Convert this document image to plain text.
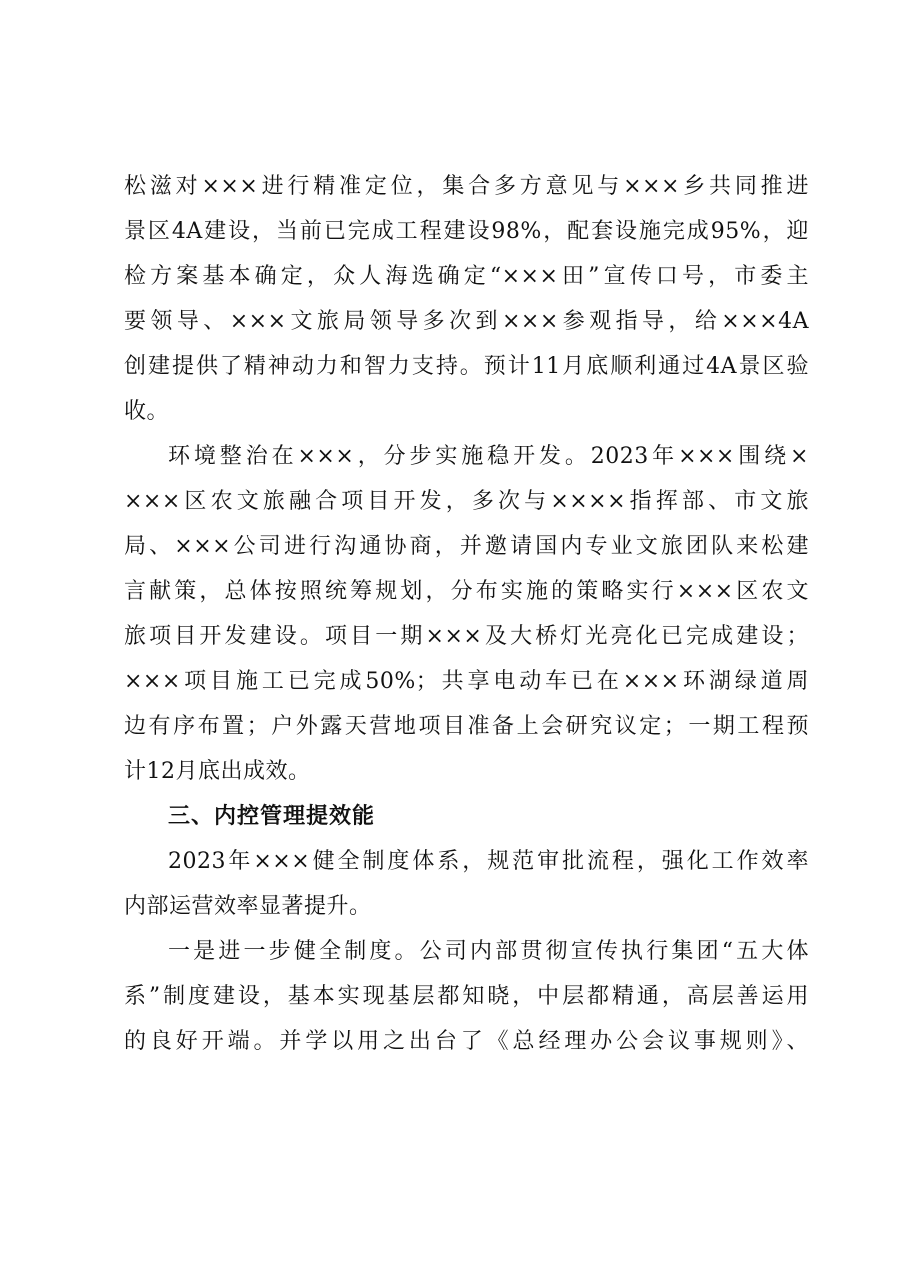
松滋对×××进行精准定位，集合多方意见与×××乡共同推进
景区4A建设，当前已完成工程建设98%，配套设施完成95%，迎
检方案基本确定，众人海选确定“×××田”宣传口号，市委主
要领导、×××文旅局领导多次到×××参观指导，给×××4A
创建提供了精神动力和智力支持。预计11月底顺利通过4A景区验
收。
环境整治在×××，分步实施稳开发。2023年×××围绕×
×××区农文旅融合项目开发，多次与××××指挥部、市文旅
局、×××公司进行沟通协商，并邀请国内专业文旅团队来松建
言献策，总体按照统筹规划，分布实施的策略实行×××区农文
旅项目开发建设。项目一期×××及大桥灯光亮化已完成建设；
×××项目施工已完成50%；共享电动车已在×××环湖绿道周
边有序布置；户外露天营地项目准备上会研究议定；一期工程预
计12月底出成效。
三、内控管理提效能
2023年×××健全制度体系，规范审批流程，强化工作效率
内部运营效率显著提升。
一是进一步健全制度。公司内部贯彻宣传执行集团“五大体
系”制度建设，基本实现基层都知晓，中层都精通，高层善运用
的良好开端。并学以用之出台了《总经理办公会议事规则》、
